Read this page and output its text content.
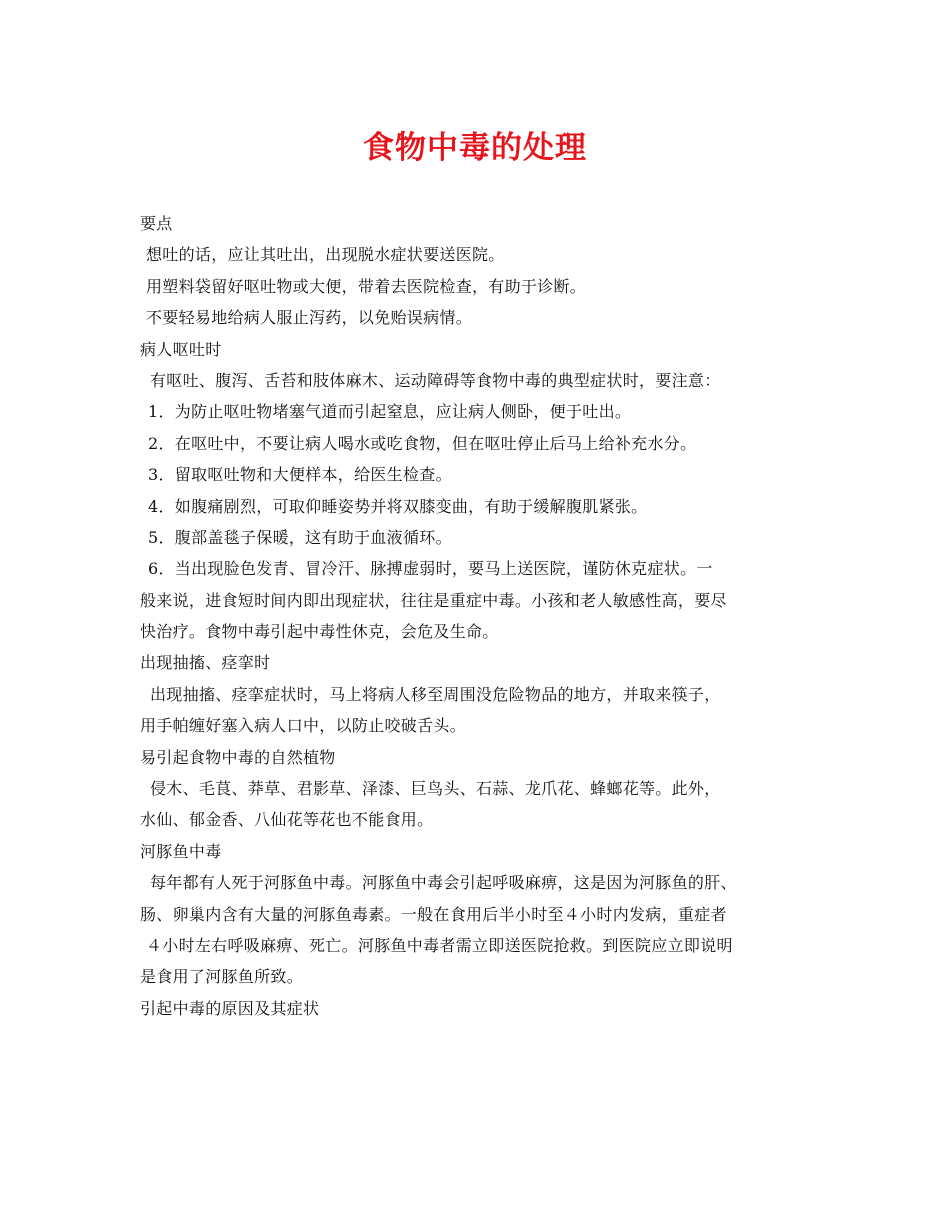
食物中毒的处理
要点
想吐的话，应让其吐出，出现脱水症状要送医院。
用塑料袋留好呕吐物或大便，带着去医院检查，有助于诊断。
不要轻易地给病人服止泻药，以免贻误病情。
病人呕吐时
有呕吐、腹泻、舌苔和肢体麻木、运动障碍等食物中毒的典型症状时，要注意：
1．为防止呕吐物堵塞气道而引起窒息，应让病人侧卧，便于吐出。
2．在呕吐中，不要让病人喝水或吃食物，但在呕吐停止后马上给补充水分。
3．留取呕吐物和大便样本，给医生检查。
4．如腹痛剧烈，可取仰睡姿势并将双膝变曲，有助于缓解腹肌紧张。
5．腹部盖毯子保暖，这有助于血液循环。
6．当出现脸色发青、冒冷汗、脉搏虚弱时，要马上送医院，谨防休克症状。一
般来说，进食短时间内即出现症状，往往是重症中毒。小孩和老人敏感性高，要尽
快治疗。食物中毒引起中毒性休克，会危及生命。
出现抽搐、痉挛时
出现抽搐、痉挛症状时，马上将病人移至周围没危险物品的地方，并取来筷子，
用手帕缠好塞入病人口中，以防止咬破舌头。
易引起食物中毒的自然植物
侵木、毛茛、莽草、君影草、泽漆、巨鸟头、石蒜、龙爪花、蜂螂花等。此外，
水仙、郁金香、八仙花等花也不能食用。
河豚鱼中毒
每年都有人死于河豚鱼中毒。河豚鱼中毒会引起呼吸麻痹，这是因为河豚鱼的肝、
肠、卵巢内含有大量的河豚鱼毒素。一般在食用后半小时至４小时内发病，重症者
４小时左右呼吸麻痹、死亡。河豚鱼中毒者需立即送医院抢救。到医院应立即说明
是食用了河豚鱼所致。
引起中毒的原因及其症状
